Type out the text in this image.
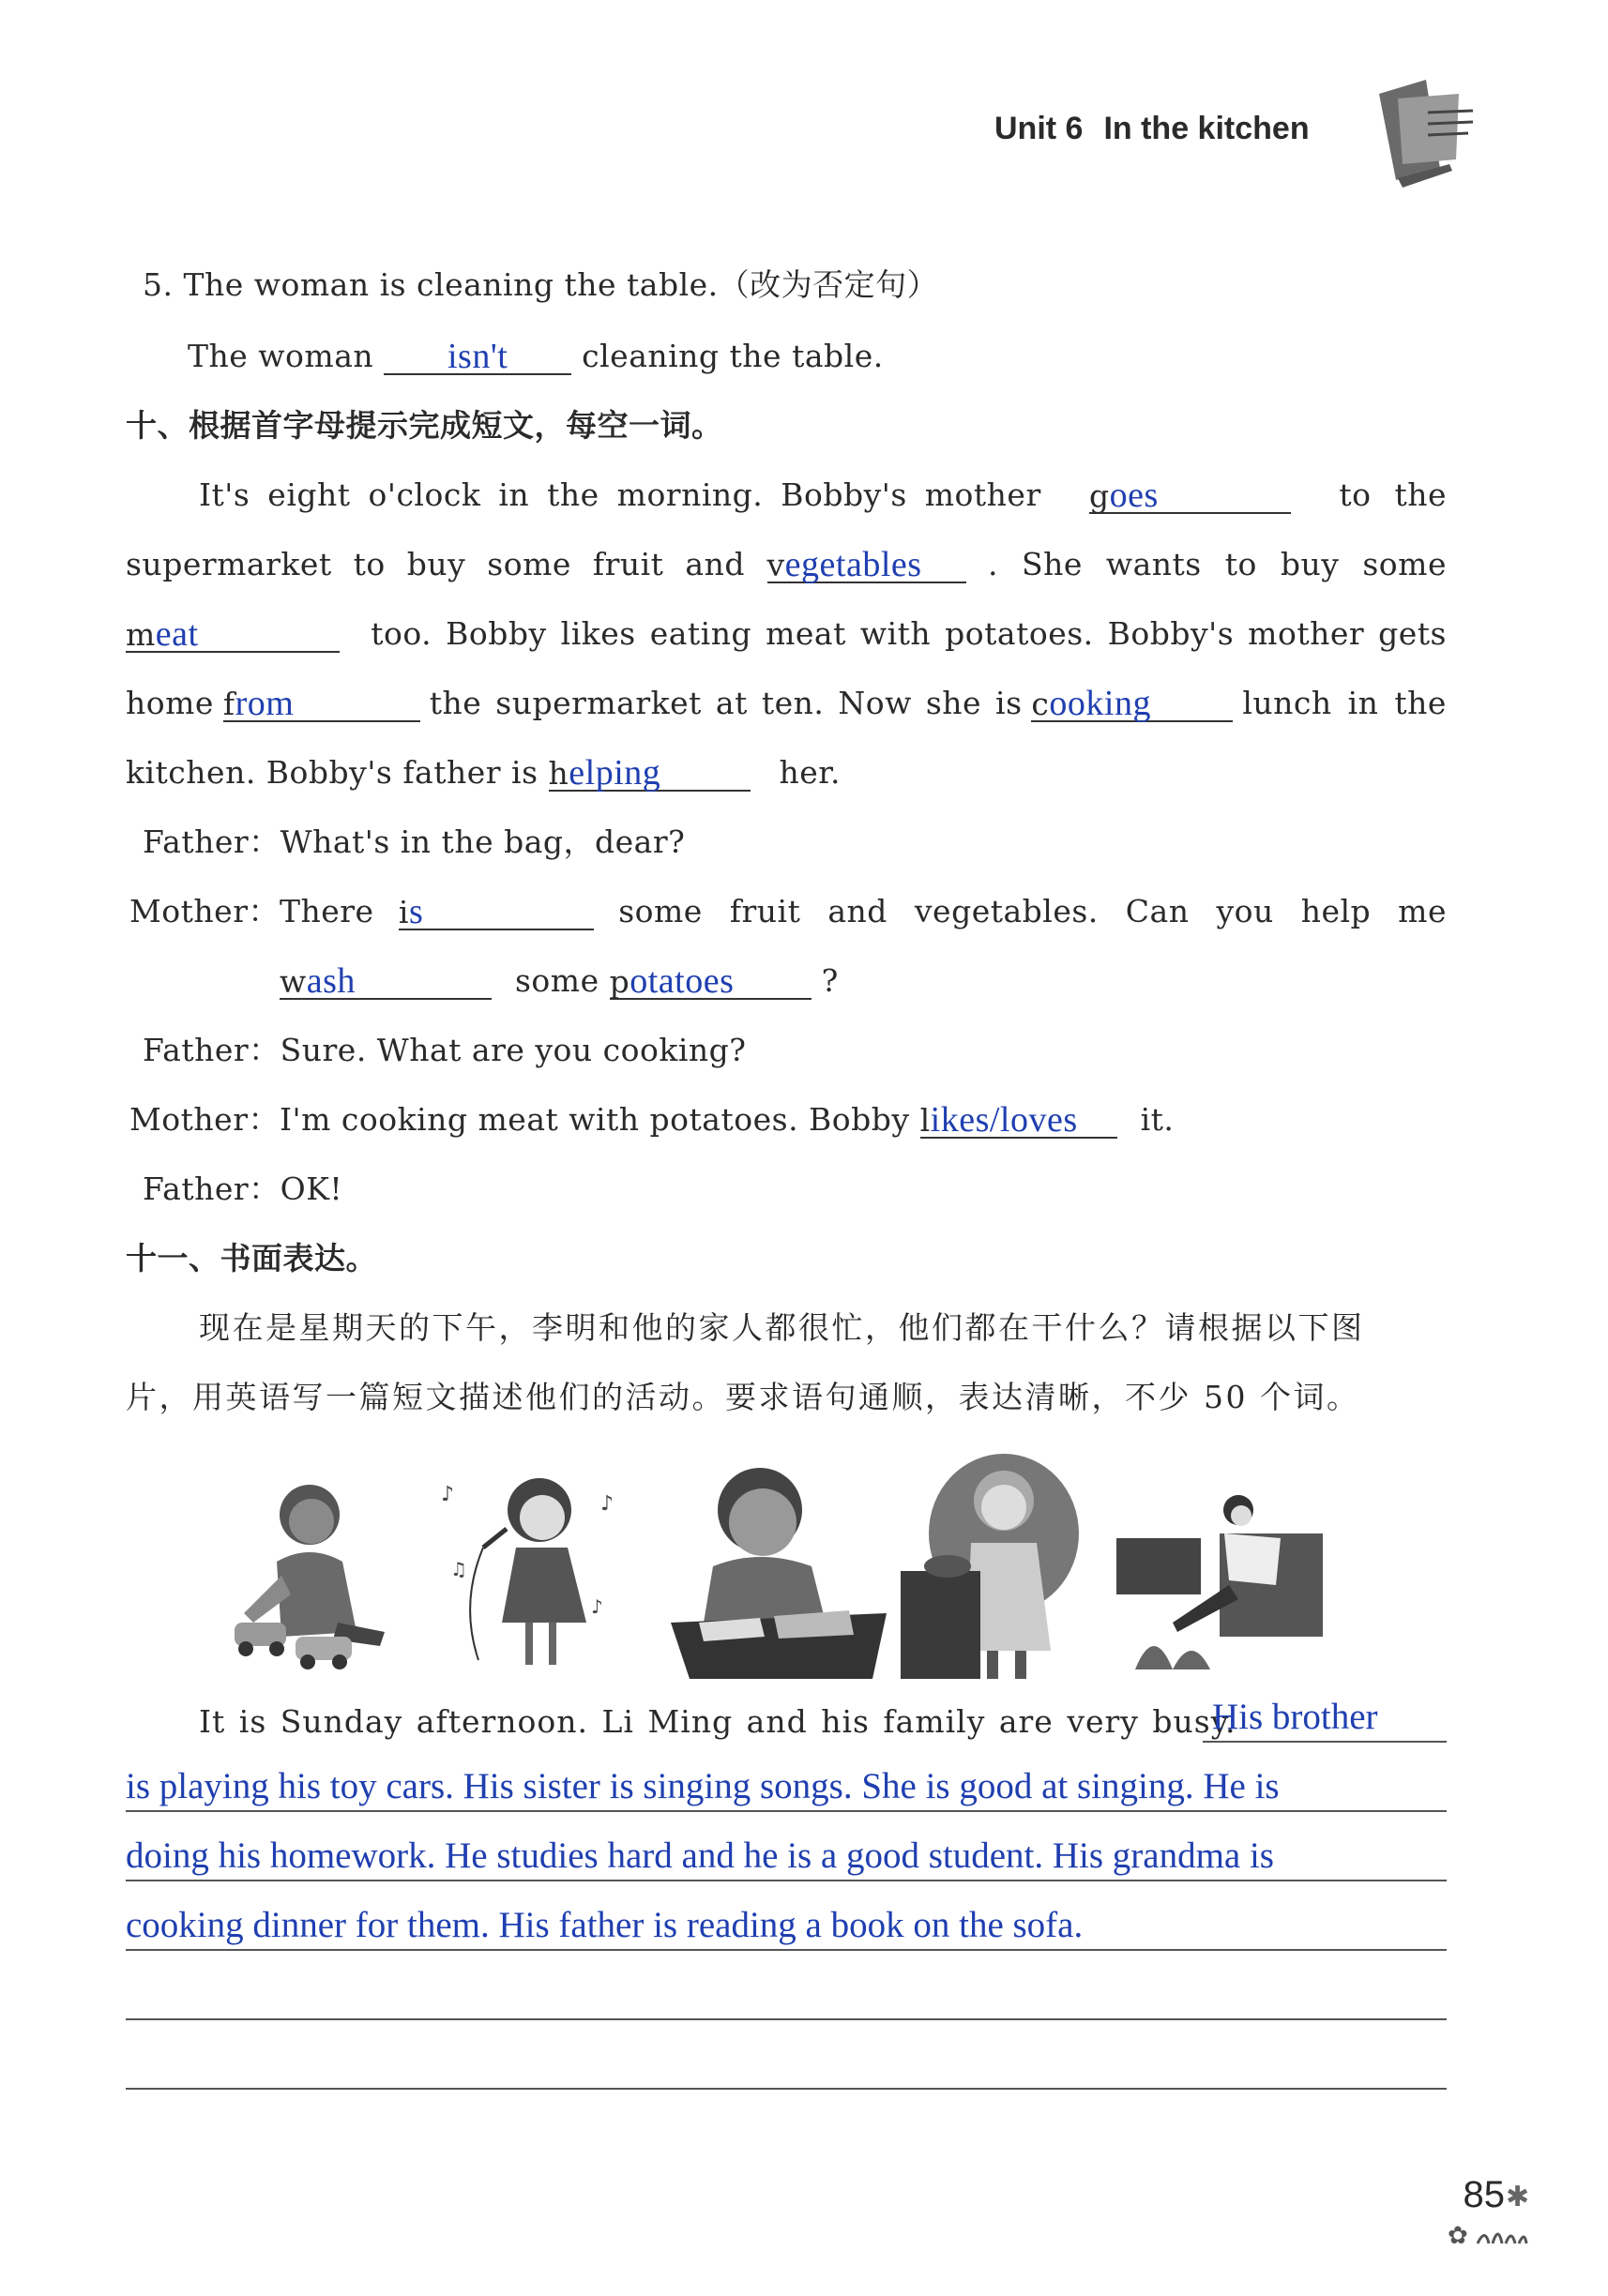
Unit 6 In the kitchen
5. The woman is cleaning the table.（改为否定句）
The woman isn't cleaning the table.
十、根据首字母提示完成短文，每空一词。
It's eight o'clock in the morning. Bobby's mother goes	to the
supermarket to buy some fruit and vegetables	. She wants to buy some
meat	too. Bobby likes eating meat with potatoes. Bobby's mother gets
home from	the supermarket at ten. Now she is cooking	lunch in the
kitchen. Bobby's father is helping	her.
Father：What's in the bag，dear?
Mother：There is	some fruit and vegetables. Can you help me
wash	some potatoes	?
Father：Sure. What are you cooking?
Mother：I'm cooking meat with potatoes. Bobby likes/loves it.
Father：OK!
十一、书面表达。
现在是星期天的下午，李明和他的家人都很忙，他们都在干什么？请根据以下图
片，用英语写一篇短文描述他们的活动。要求语句通顺，表达清晰，不少 50 个词。
♪	♪
♫
♪
It is Sunday afternoon. Li Ming and his family are very busy.
His brother
is playing his toy cars. His sister is singing songs. She is good at singing. He is
doing his homework. He studies hard and he is a good student. His grandma is
cooking dinner for them. His father is reading a book on the sofa.
85 ✱
✿
